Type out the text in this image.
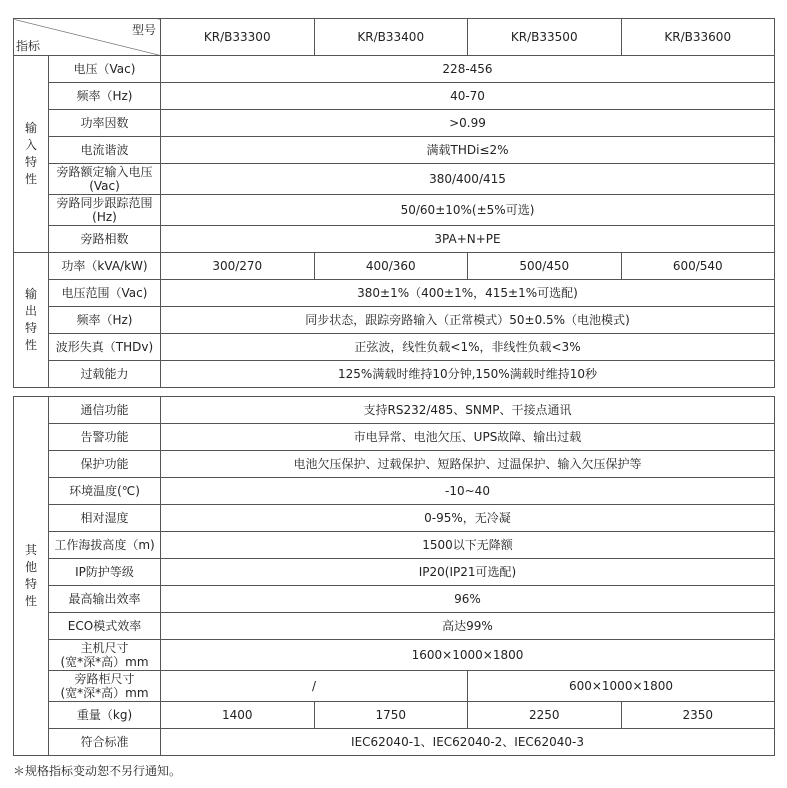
型号
指标		KR/B33300	KR/B33400	KR/B33500	KR/B33600

输
入
特
性	电压（Vac)	228-456			
	频率（Hz)	40-70			
	功率因数	>0.99			
	电流谐波	满载THDi≤2%			

	旁路额定输入电压
(Vac)	380/400/415			

	旁路同步跟踪范围
(Hz)	50/60±10%(±5%可选)			
	旁路相数	3PA+N+PE			

输
出
特
性	功率（kVA/kW)	300/270	400/360	500/450	600/540
	电压范围（Vac)	380±1%（400±1%，415±1%可选配)			
	频率（Hz)	同步状态，跟踪旁路输入（正常模式）50±0.5%（电池模式)			
	波形失真（THDv)	正弦波，线性负载<1%，非线性负载<3%			
	过载能力	125%满载时维持10分钟,150%满载时维持10秒			
其
他
特
性	通信功能	支持RS232/485、SNMP、干接点通讯			
	告警功能	市电异常、电池欠压、UPS故障、输出过载			
	保护功能	电池欠压保护、过载保护、短路保护、过温保护、输入欠压保护等			
	环境温度(℃)	-10~40			
	相对湿度	0-95%，无冷凝			
	工作海拔高度（m)	1500以下无降额			
	IP防护等级	IP20(IP21可选配)			
	最高输出效率	96%			
	ECO模式效率	高达99%			

	主机尺寸
(宽*深*高）mm	1600×1000×1800			

	旁路柜尺寸
(宽*深*高）mm	/		600×1000×1800	
	重量（kg)	1400	1750	2250	2350
	符合标准	IEC62040-1、IEC62040-2、IEC62040-3			
＊规格指标变动恕不另行通知。
